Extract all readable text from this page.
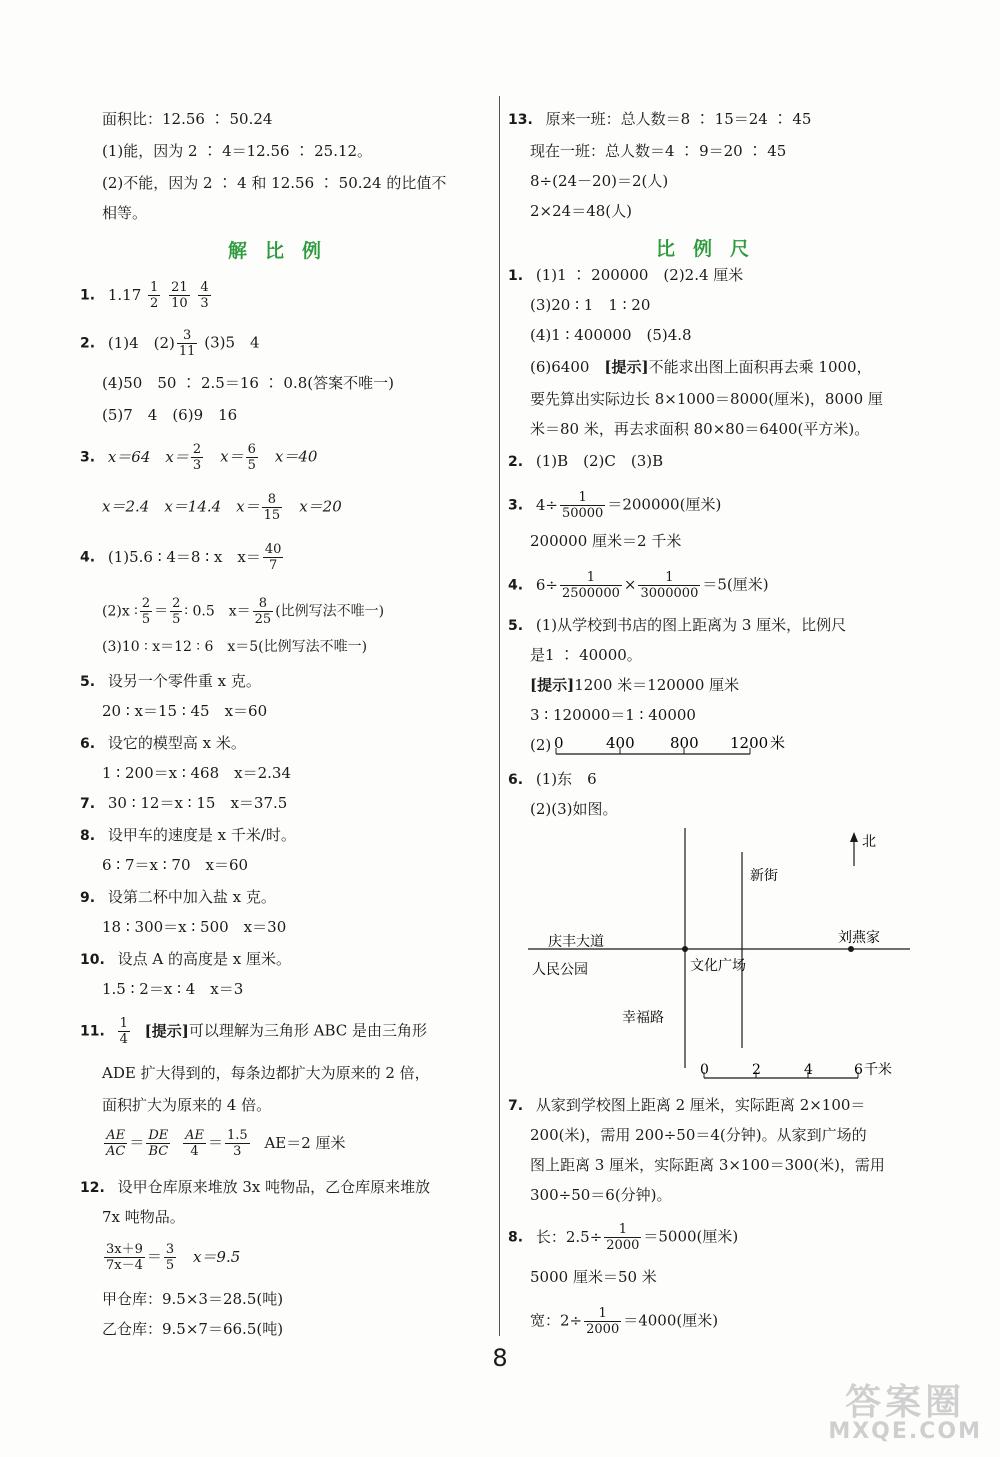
面积比：12.56 ∶ 50.24
(1)能，因为 2 ∶ 4＝12.56 ∶ 25.12。
(2)不能，因为 2 ∶ 4 和 12.56 ∶ 50.24 的比值不
相等。
解比例
1. $1.17 \frac{1}{2}$
$\frac{21}{10}$
$\frac{4}{3}$
2. (1)4　$(2) \frac{3}{11} (3)5$　4
(4)50　50 ∶ 2.5＝16 ∶ 0.8(答案不唯一)
(5)7　4　(6)9　16
3. x＝64　$x= \frac{2}{3}$ 　$x= \frac{6}{5}$ 　x＝40
x＝2.4　x＝14.4　$x= \frac{8}{15}$ 　x＝20
4. (1)5.6 ∶ 4＝8 ∶ x　$x= \frac{40}{7}$
(2)x ∶ $\frac{2}{5} = \frac{2}{5}$ ∶ 0.5　$x= \frac{8}{25}$ (比例写法不唯一)
(3)10 ∶ x＝12 ∶ 6　x＝5(比例写法不唯一)
5. 设另一个零件重 x 克。
20 ∶ x＝15 ∶ 45　x＝60
6. 设它的模型高 x 米。
1 ∶ 200＝x ∶ 468　x＝2.34
7. 30 ∶ 12＝x ∶ 15　x＝37.5
8. 设甲车的速度是 x 千米/时。
6 ∶ 7＝x ∶ 70　x＝60
9. 设第二杯中加入盐 x 克。
18 ∶ 300＝x ∶ 500　x＝30
10. 设点 A 的高度是 x 厘米。
1.5 ∶ 2＝x ∶ 4　x＝3
11. $\frac{1}{4}$ [提示]可以理解为三角形 ABC 是由三角形
ADE 扩大得到的，每条边都扩大为原来的 2 倍，
面积扩大为原来的 4 倍。
$\frac{AE}{AC} = \frac{DE}{BC}$
$\frac{AE}{4} = \frac{1.5}{3} AE=2$ 厘米
12. 设甲仓库原来堆放 3x 吨物品，乙仓库原来堆放
7x 吨物品。
$\frac{3x+9}{7x-4} = \frac{3}{5} x=9.5$
甲仓库：9.5×3＝28.5(吨)
乙仓库：9.5×7＝66.5(吨)
13. 原来一班：总人数＝8 ∶ 15＝24 ∶ 45
现在一班：总人数＝4 ∶ 9＝20 ∶ 45
8÷(24－20)＝2(人)
2×24＝48(人)
比例尺
1. (1)1 ∶ 200000　(2)2.4 厘米
(3)20 ∶ 1　1 ∶ 20
(4)1 ∶ 400000　(5)4.8
(6)6400　[提示]不能求出图上面积再去乘 1000，
要先算出实际边长 8×1000＝8000(厘米)，8000 厘
米＝80 米，再去求面积 80×80＝6400(平方米)。
2. (1)B　(2)C　(3)B
3. $4\div \frac{1}{50000} =200000$(厘米)
200000 厘米＝2 千米
4. $6\div \frac{1}{2500000} \times \frac{1}{3000000} =5$(厘米)
5. (1)从学校到书店的图上距离为 3 厘米，比例尺
是1 ∶ 40000。
[提示]1200 米＝120000 厘米
3 ∶ 120000＝1 ∶ 40000
(2) 0	400 800 1200 米
6. (1)东　6
(2)(3)如图。
北
新街
庆丰大道	刘燕家
人民公园	文化广场
幸福路
0	2	4	6 千米
7. 从家到学校图上距离 2 厘米，实际距离 2×100＝
200(米)，需用 200÷50＝4(分钟)。从家到广场的
图上距离 3 厘米，实际距离 3×100＝300(米)，需用
300÷50＝6(分钟)。
8. 长：$2.5\div \frac{1}{2000} =5000$(厘米)
5000 厘米＝50 米
宽：$2\div \frac{1}{2000} =4000$(厘米)
8
答案圈
MXQE.COM
